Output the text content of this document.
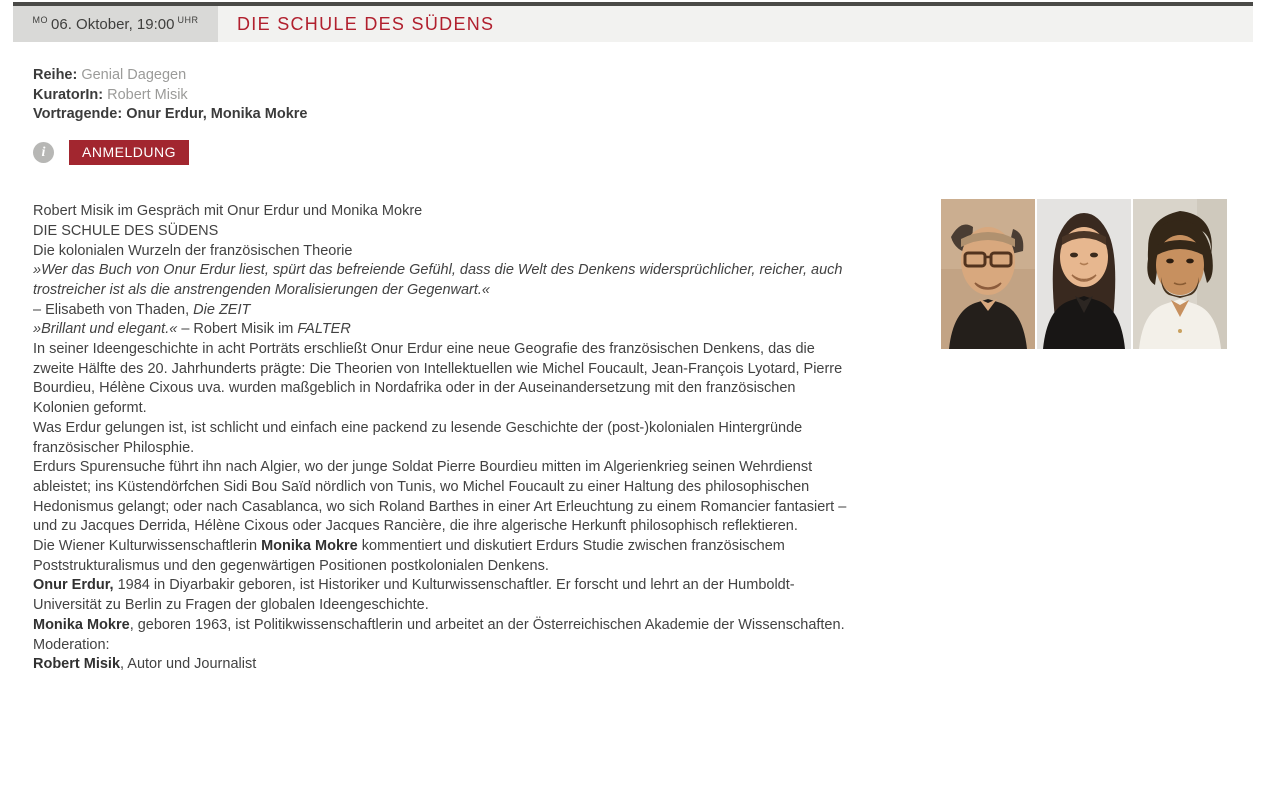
$^{MO}$ 06. Oktober, 19:00 $^{UHR}$	DIE SCHULE DES SÜDENS
Reihe: Genial Dagegen
KuratorIn: Robert Misik
Vortragende: Onur Erdur, Monika Mokre
i	ANMELDUNG

Robert Misik im Gespräch mit Onur Erdur und Monika Mokre

DIE SCHULE DES SÜDENS

Die kolonialen Wurzeln der französischen Theorie

»Wer das Buch von Onur Erdur liest, spürt das befreiende Gefühl, dass die Welt des Denkens widersprüchlicher, reicher, auch trostreicher ist als die anstrengenden Moralisierungen der Gegenwart.«
– Elisabeth von Thaden, Die ZEIT

»Brillant und elegant.« – Robert Misik im FALTER

In seiner Ideengeschichte in acht Porträts erschließt Onur Erdur eine neue Geografie des französischen Denkens, das die zweite Hälfte des 20. Jahrhunderts prägte: Die Theorien von Intellektuellen wie Michel Foucault, Jean-François Lyotard, Pierre Bourdieu, Hélène Cixous uva. wurden maßgeblich in Nordafrika oder in der Auseinandersetzung mit den französischen Kolonien geformt.

Was Erdur gelungen ist, ist schlicht und einfach eine packend zu lesende Geschichte der (post-)kolonialen Hintergründe französischer Philosphie.

Erdurs Spurensuche führt ihn nach Algier, wo der junge Soldat Pierre Bourdieu mitten im Algerienkrieg seinen Wehrdienst ableistet; ins Küstendörfchen Sidi Bou Saïd nördlich von Tunis, wo Michel Foucault zu einer Haltung des philosophischen Hedonismus gelangt; oder nach Casablanca, wo sich Roland Barthes in einer Art Erleuchtung zu einem Romancier fantasiert – und zu Jacques Derrida, Hélène Cixous oder Jacques Rancière, die ihre algerische Herkunft philosophisch reflektieren.

Die Wiener Kulturwissenschaftlerin Monika Mokre kommentiert und diskutiert Erdurs Studie zwischen französischem Poststrukturalismus und den gegenwärtigen Positionen postkolonialen Denkens.

Onur Erdur, 1984 in Diyarbakir geboren, ist Historiker und Kulturwissenschaftler. Er forscht und lehrt an der Humboldt-Universität zu Berlin zu Fragen der globalen Ideengeschichte.
Monika Mokre, geboren 1963, ist Politikwissenschaftlerin und arbeitet an der Österreichischen Akademie der Wissenschaften.
Moderation:
Robert Misik, Autor und Journalist
